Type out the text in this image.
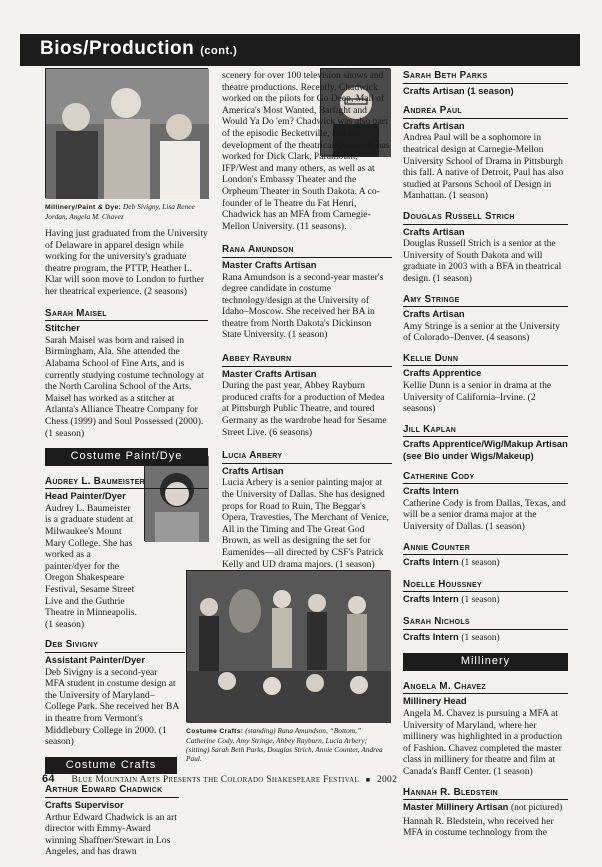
Bios/Production (cont.)
Millinery/Paint & Dye: Deb Sivigny, Lisa Renee Jordan, Angela M. Chavez
Costume Crafts: (standing) Rana Amundson, “Bottom,” Catherine Cody, Amy Stringe, Abbey Rayburn, Lucia Arbery; (sitting) Sarah Beth Parks, Douglas Strich, Annie Counter, Andrea Paul.
Having just graduated from the University of Delaware in apparel design while working for the university's graduate theatre program, the PTTP, Heather L. Klar will soon move to London to further her theatrical experience. (2 seasons)
Sarah Maisel
Stitcher
Sarah Maisel was born and raised in Birmingham, Ala. She attended the Alabama School of Fine Arts, and is currently studying costume technology at the North Carolina School of the Arts. Maisel has worked as a stitcher at Atlanta's Alliance Theatre Company for Chess (1999) and Soul Possessed (2000). (1 season)
Costume Paint/Dye
Audrey L. Baumeister
Head Painter/Dyer
Audrey L. Baumeister is a graduate student at Milwaukee's Mount Mary College. She has worked as a painter/dyer for the Oregon Shakespeare Festival, Sesame Street Live and the Guthrie Theatre in Minneapolis. (1 season)
Deb Sivigny
Assistant Painter/Dyer
Deb Sivigny is a second-year MFA student in costume design at the University of Maryland–College Park. She received her BA in theatre from Vermont's Middlebury College in 2000. (1 season)
Costume Crafts
Arthur Edward Chadwick
Crafts Supervisor
Arthur Edward Chadwick is an art director with Emmy-Award winning Shaffner/Stewart in Los Angeles, and has drawn
scenery for over 100 television shows and theatre productions. Recently, Chadwick worked on the pilots for Go Deep, Mall of America's Most Wanted, Barfight and Would Ya Do 'em? Chadwick was also part of the episodic Beckettville, and the development of the theatrical Quint. He has worked for Dick Clark, Paramount, IFP/West and many others, as well as at London's Embassy Theater and the Orpheum Theater in South Dakota. A co-founder of le Theatre du Fat Henri, Chadwick has an MFA from Carnegie-Mellon University. (11 seasons).
Rana Amundson
Master Crafts Artisan
Rana Amundson is a second-year master's degree candidate in costume technology/design at the University of Idaho–Moscow. She received her BA in theatre from North Dakota's Dickinson State University. (1 season)
Abbey Rayburn
Master Crafts Artisan
During the past year, Abbey Rayburn produced crafts for a production of Medea at Pittsburgh Public Theatre, and toured Germany as the wardrobe head for Sesame Street Live. (6 seasons)
Lucia Arbery
Crafts Artisan
Lucia Arbery is a senior painting major at the University of Dallas. She has designed props for Road to Ruin, The Beggar's Opera, Travesties, The Merchant of Venice, All in the Timing and The Great God Brown, as well as designing the set for Eumenides—all directed by CSF's Patrick Kelly and UD drama majors. (1 season)
Sarah Beth Parks
Crafts Artisan (1 season)
Andrea Paul
Crafts Artisan
Andrea Paul will be a sophomore in theatrical design at Carnegie-Mellon University School of Drama in Pittsburgh this fall. A native of Detroit, Paul has also studied at Parsons School of Design in Manhattan. (1 season)
Douglas Russell Strich
Crafts Artisan
Douglas Russell Strich is a senior at the University of South Dakota and will graduate in 2003 with a BFA in theatrical design. (1 season)
Amy Stringe
Crafts Artisan
Amy Stringe is a senior at the University of Colorado–Denver. (4 seasons)
Kellie Dunn
Crafts Apprentice
Kellie Dunn is a senior in drama at the University of California–Irvine. (2 seasons)
Jill Kaplan
Crafts Apprentice/Wig/Makup Artisan (see Bio under Wigs/Makeup)
Catherine Cody
Crafts Intern
Catherine Cody is from Dallas, Texas, and will be a senior drama major at the University of Dallas. (1 season)
Annie Counter
Crafts Intern (1 season)
Noelle Houssney
Crafts Intern (1 season)
Sarah Nichols
Crafts Intern (1 season)
Millinery
Angela M. Chavez
Millinery Head
Angela M. Chavez is pursuing a MFA at University of Maryland, where her millinery was highlighted in a production of Fashion. Chavez completed the master class in millinery for theatre and film at Canada's Banff Center. (1 season)
Hannah R. Bledstein
Master Millinery Artisan (not pictured)
Hannah R. Bledstein, who received her MFA in costume technology from the
64 Blue Mountain Arts Presents the Colorado Shakespeare Festival ■ 2002
